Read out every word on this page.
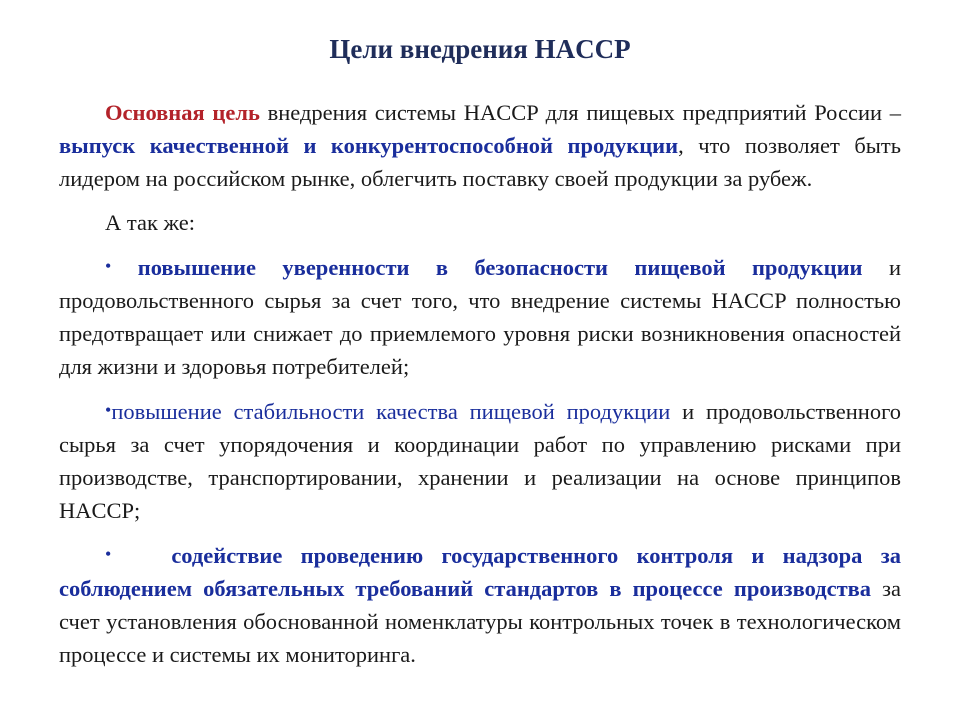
Цели внедрения HACCP

Основная цель внедрения системы HACCP для пищевых предприятий России – выпуск качественной и конкурентоспособной продукции, что позволяет быть лидером на российском рынке, облегчить поставку своей продукции за рубеж.

А так же:

• повышение уверенности в безопасности пищевой продукции и продовольственного сырья за счет того, что внедрение системы HACCP полностью предотвращает или снижает до приемлемого уровня риски возникновения опасностей для жизни и здоровья потребителей;

•повышение стабильности качества пищевой продукции и продовольственного сырья за счет упорядочения и координации работ по управлению рисками при производстве, транспортировании, хранении и реализации на основе принципов HACCP;

•	содействие проведению государственного контроля и надзора за соблюдением обязательных требований стандартов в процессе производства за счет установления обоснованной номенклатуры контрольных точек в технологическом процессе и системы их мониторинга.
